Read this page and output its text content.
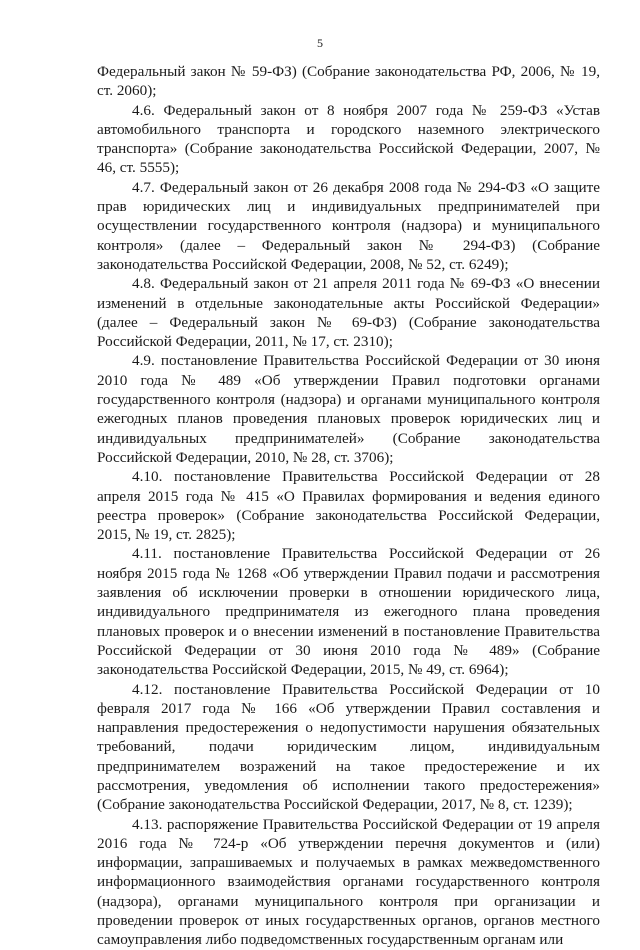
5

Федеральный закон № 59-ФЗ) (Собрание законодательства РФ, 2006, № 19, ст. 2060);

4.6. Федеральный закон от 8 ноября 2007 года № 259-ФЗ «Устав автомобильного транспорта и городского наземного электрического транспорта» (Собрание законодательства Российской Федерации, 2007, № 46, ст. 5555);

4.7. Федеральный закон от 26 декабря 2008 года № 294-ФЗ «О защите прав юридических лиц и индивидуальных предпринимателей при осуществлении государственного контроля (надзора) и муниципального контроля» (далее – Федеральный закон № 294-ФЗ) (Собрание законодательства Российской Федерации, 2008, № 52, ст. 6249);

4.8. Федеральный закон от 21 апреля 2011 года № 69-ФЗ «О внесении изменений в отдельные законодательные акты Российской Федерации» (далее – Федеральный закон № 69-ФЗ) (Собрание законодательства Российской Федерации, 2011, № 17, ст. 2310);

4.9. постановление Правительства Российской Федерации от 30 июня 2010 года № 489 «Об утверждении Правил подготовки органами государственного контроля (надзора) и органами муниципального контроля ежегодных планов проведения плановых проверок юридических лиц и индивидуальных предпринимателей» (Собрание законодательства Российской Федерации, 2010, № 28, ст. 3706);

4.10. постановление Правительства Российской Федерации от 28 апреля 2015 года № 415 «О Правилах формирования и ведения единого реестра проверок» (Собрание законодательства Российской Федерации, 2015, № 19, ст. 2825);

4.11. постановление Правительства Российской Федерации от 26 ноября 2015 года № 1268 «Об утверждении Правил подачи и рассмотрения заявления об исключении проверки в отношении юридического лица, индивидуального предпринимателя из ежегодного плана проведения плановых проверок и о внесении изменений в постановление Правительства Российской Федерации от 30 июня 2010 года № 489» (Собрание законодательства Российской Федерации, 2015, № 49, ст. 6964);

4.12. постановление Правительства Российской Федерации от 10 февраля 2017 года № 166 «Об утверждении Правил составления и направления предостережения о недопустимости нарушения обязательных требований, подачи юридическим лицом, индивидуальным предпринимателем возражений на такое предостережение и их рассмотрения, уведомления об исполнении такого предостережения» (Собрание законодательства Российской Федерации, 2017, № 8, ст. 1239);

4.13. распоряжение Правительства Российской Федерации от 19 апреля 2016 года № 724-р «Об утверждении перечня документов и (или) информации, запрашиваемых и получаемых в рамках межведомственного информационного взаимодействия органами государственного контроля (надзора), органами муниципального контроля при организации и проведении проверок от иных государственных органов, органов местного самоуправления либо подведомственных государственным органам или
